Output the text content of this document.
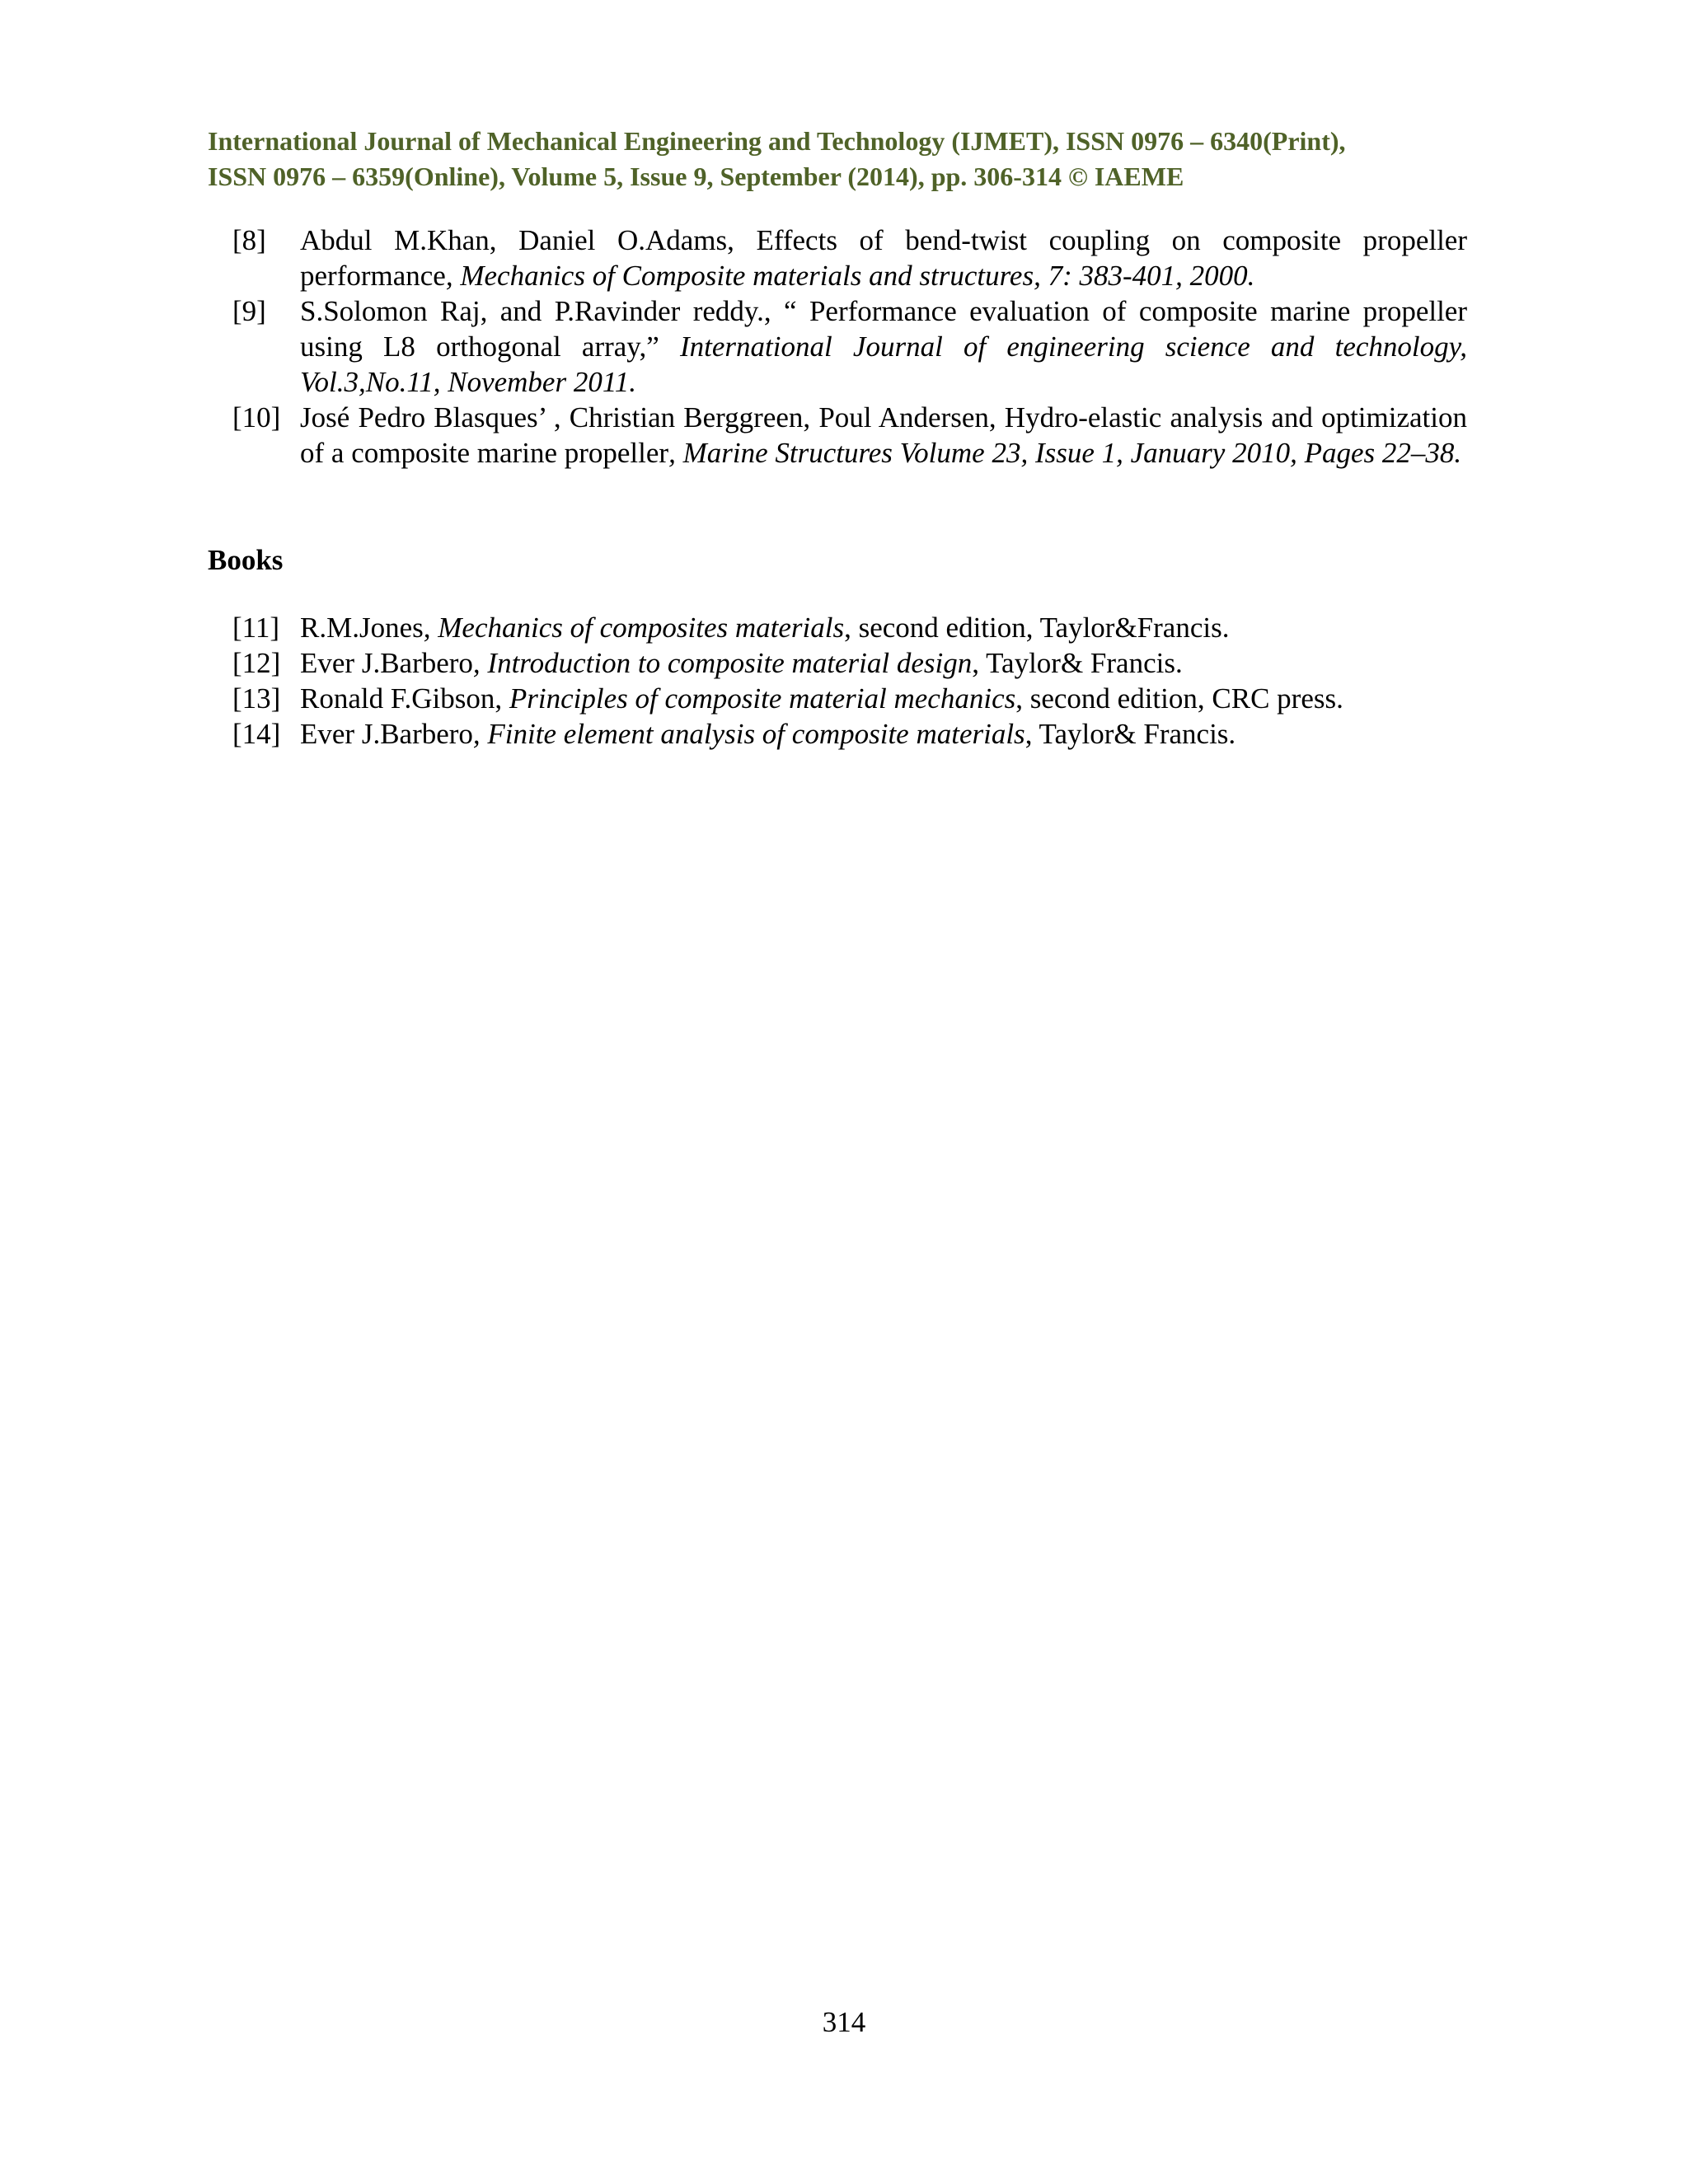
International Journal of Mechanical Engineering and Technology (IJMET), ISSN 0976 – 6340(Print),
ISSN 0976 – 6359(Online), Volume 5, Issue 9, September (2014), pp. 306-314 © IAEME
[8]	Abdul M.Khan, Daniel O.Adams, Effects of bend-twist coupling on composite propeller performance, Mechanics of Composite materials and structures, 7: 383-401, 2000.
[9]	S.Solomon Raj, and P.Ravinder reddy., “ Performance evaluation of composite marine propeller using L8 orthogonal array,” International Journal of engineering science and technology, Vol.3,No.11, November 2011.
[10] José Pedro Blasques’ , Christian Berggreen, Poul Andersen, Hydro-elastic analysis and optimization of a composite marine propeller, Marine Structures Volume 23, Issue 1, January 2010, Pages 22–38.
Books
[11] R.M.Jones, Mechanics of composites materials, second edition, Taylor&Francis.
[12] Ever J.Barbero, Introduction to composite material design, Taylor& Francis.
[13] Ronald F.Gibson, Principles of composite material mechanics, second edition, CRC press.
[14] Ever J.Barbero, Finite element analysis of composite materials, Taylor& Francis.
314
